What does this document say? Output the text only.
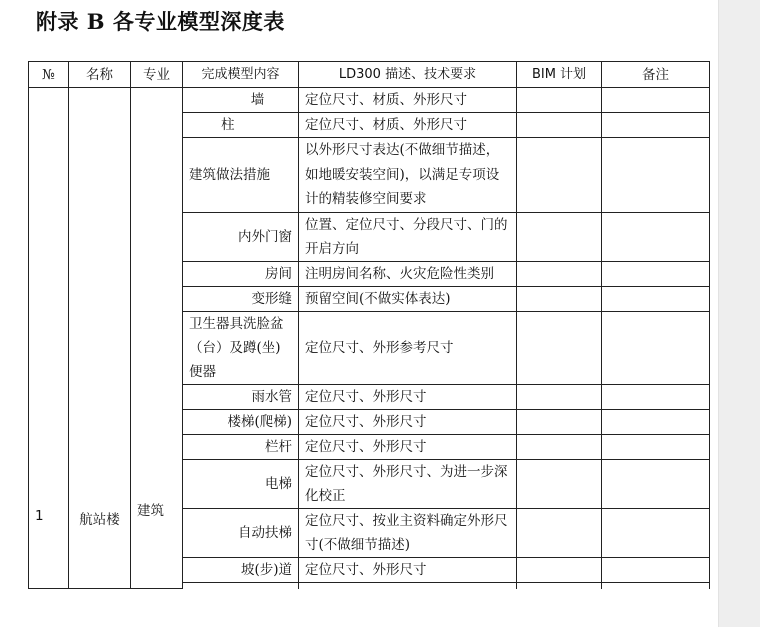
附录 B 各专业模型深度表
№	名称	专业	完成模型内容	LD300 描述、技术要求	BIM 计划	备注
1	航站楼	建筑	墙	定位尺寸、材质、外形尺寸		
			柱	定位尺寸、材质、外形尺寸		
			建筑做法措施	以外形尺寸表达(不做细节描述，如地暖安装空间)，以满足专项设计的精装修空间要求		
			内外门窗	位置、定位尺寸、分段尺寸、门的开启方向		
			房间	注明房间名称、火灾危险性类别		
			变形缝	预留空间(不做实体表达)		
			卫生器具洗脸盆（台）及蹲(坐)便器	定位尺寸、外形参考尺寸		
			雨水管	定位尺寸、外形尺寸		
			楼梯(爬梯)	定位尺寸、外形尺寸		
			栏杆	定位尺寸、外形尺寸		
			电梯	定位尺寸、外形尺寸、为进一步深化校正		
			自动扶梯	定位尺寸、按业主资料确定外形尺寸(不做细节描述)		
			坡(步)道	定位尺寸、外形尺寸		
